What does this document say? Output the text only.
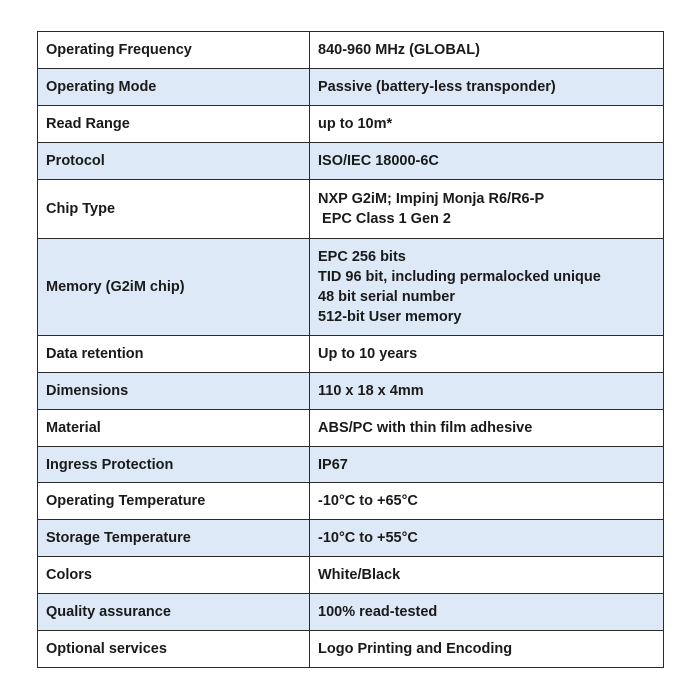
Operating Frequency	840-960 MHz (GLOBAL)

Operating Mode	Passive (battery-less transponder)

Read Range	up to 10m*

Protocol	ISO/IEC 18000-6C

Chip Type	NXP G2iM; Impinj Monja R6/R6-P
EPC Class 1 Gen 2

Memory (G2iM chip)	EPC 256 bits
TID 96 bit, including permalocked unique
48 bit serial number
512-bit User memory

Data retention	Up to 10 years

Dimensions	110 x 18 x 4mm

Material	ABS/PC with thin film adhesive

Ingress Protection	IP67

Operating Temperature	-10°C to +65°C

Storage Temperature	-10°C to +55°C

Colors	White/Black

Quality assurance	100% read-tested

Optional services	Logo Printing and Encoding
